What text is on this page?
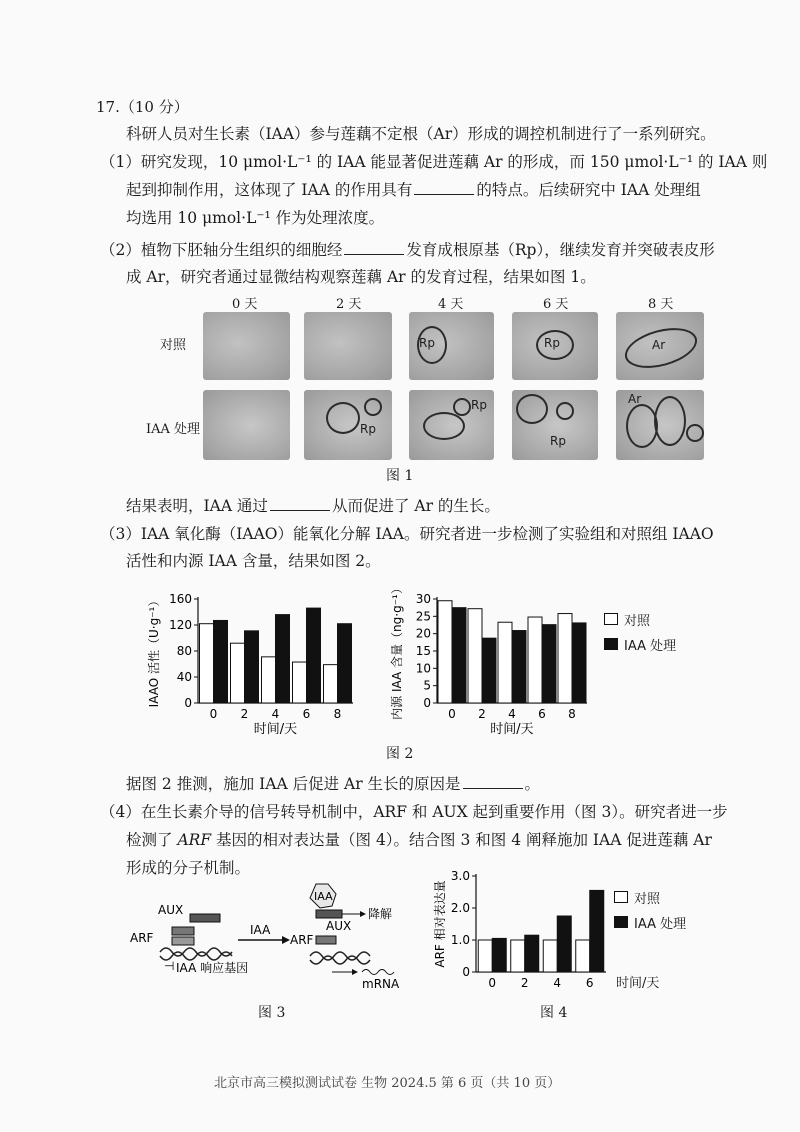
17.（10 分）
科研人员对生长素（IAA）参与莲藕不定根（Ar）形成的调控机制进行了一系列研究。
（1）研究发现，10 μmol·L⁻¹ 的 IAA 能显著促进莲藕 Ar 的形成，而 150 μmol·L⁻¹ 的 IAA 则
起到抑制作用，这体现了 IAA 的作用具有	的特点。后续研究中 IAA 处理组
均选用 10 μmol·L⁻¹ 作为处理浓度。
（2）植物下胚轴分生组织的细胞经	发育成根原基（Rp），继续发育并突破表皮形
成 Ar，研究者通过显微结构观察莲藕 Ar 的发育过程，结果如图 1。
0 天	2 天	4 天	6 天	8 天
对照
IAA 处理
Rp	Rp	Ar
Rp
Rp
Rp
Ar
图 1
结果表明，IAA 通过	从而促进了 Ar 的生长。
（3）IAA 氧化酶（IAAO）能氧化分解 IAA。研究者进一步检测了实验组和对照组 IAAO
活性和内源 IAA 含量，结果如图 2。
0
40
80
120
160
0 2 4 6 8
时间/天
IAAO 活性（U·g⁻¹）	0
5
10
15
20
25
30
0 2 4 6 8
时间/天
内源 IAA 含量（ng·g⁻¹）	对照
IAA 处理
图 2
据图 2 推测，施加 IAA 后促进 Ar 生长的原因是	。
（4）在生长素介导的信号转导机制中，ARF 和 AUX 起到重要作用（图 3）。研究者进一步
检测了 ARF 基因的相对表达量（图 4）。结合图 3 和图 4 阐释施加 IAA 促进莲藕 Ar
形成的分子机制。
AUX
ARF
⊣ IAA 响应基因
IAA
IAA
降解
AUX
ARF
mRNA
图 3
0
1.0
2.0
3.0
0 2 4 6
ARF 相对表达量	对照
IAA 处理
时间/天
图 4
北京市高三模拟测试试卷 生物 2024.5 第 6 页（共 10 页）
